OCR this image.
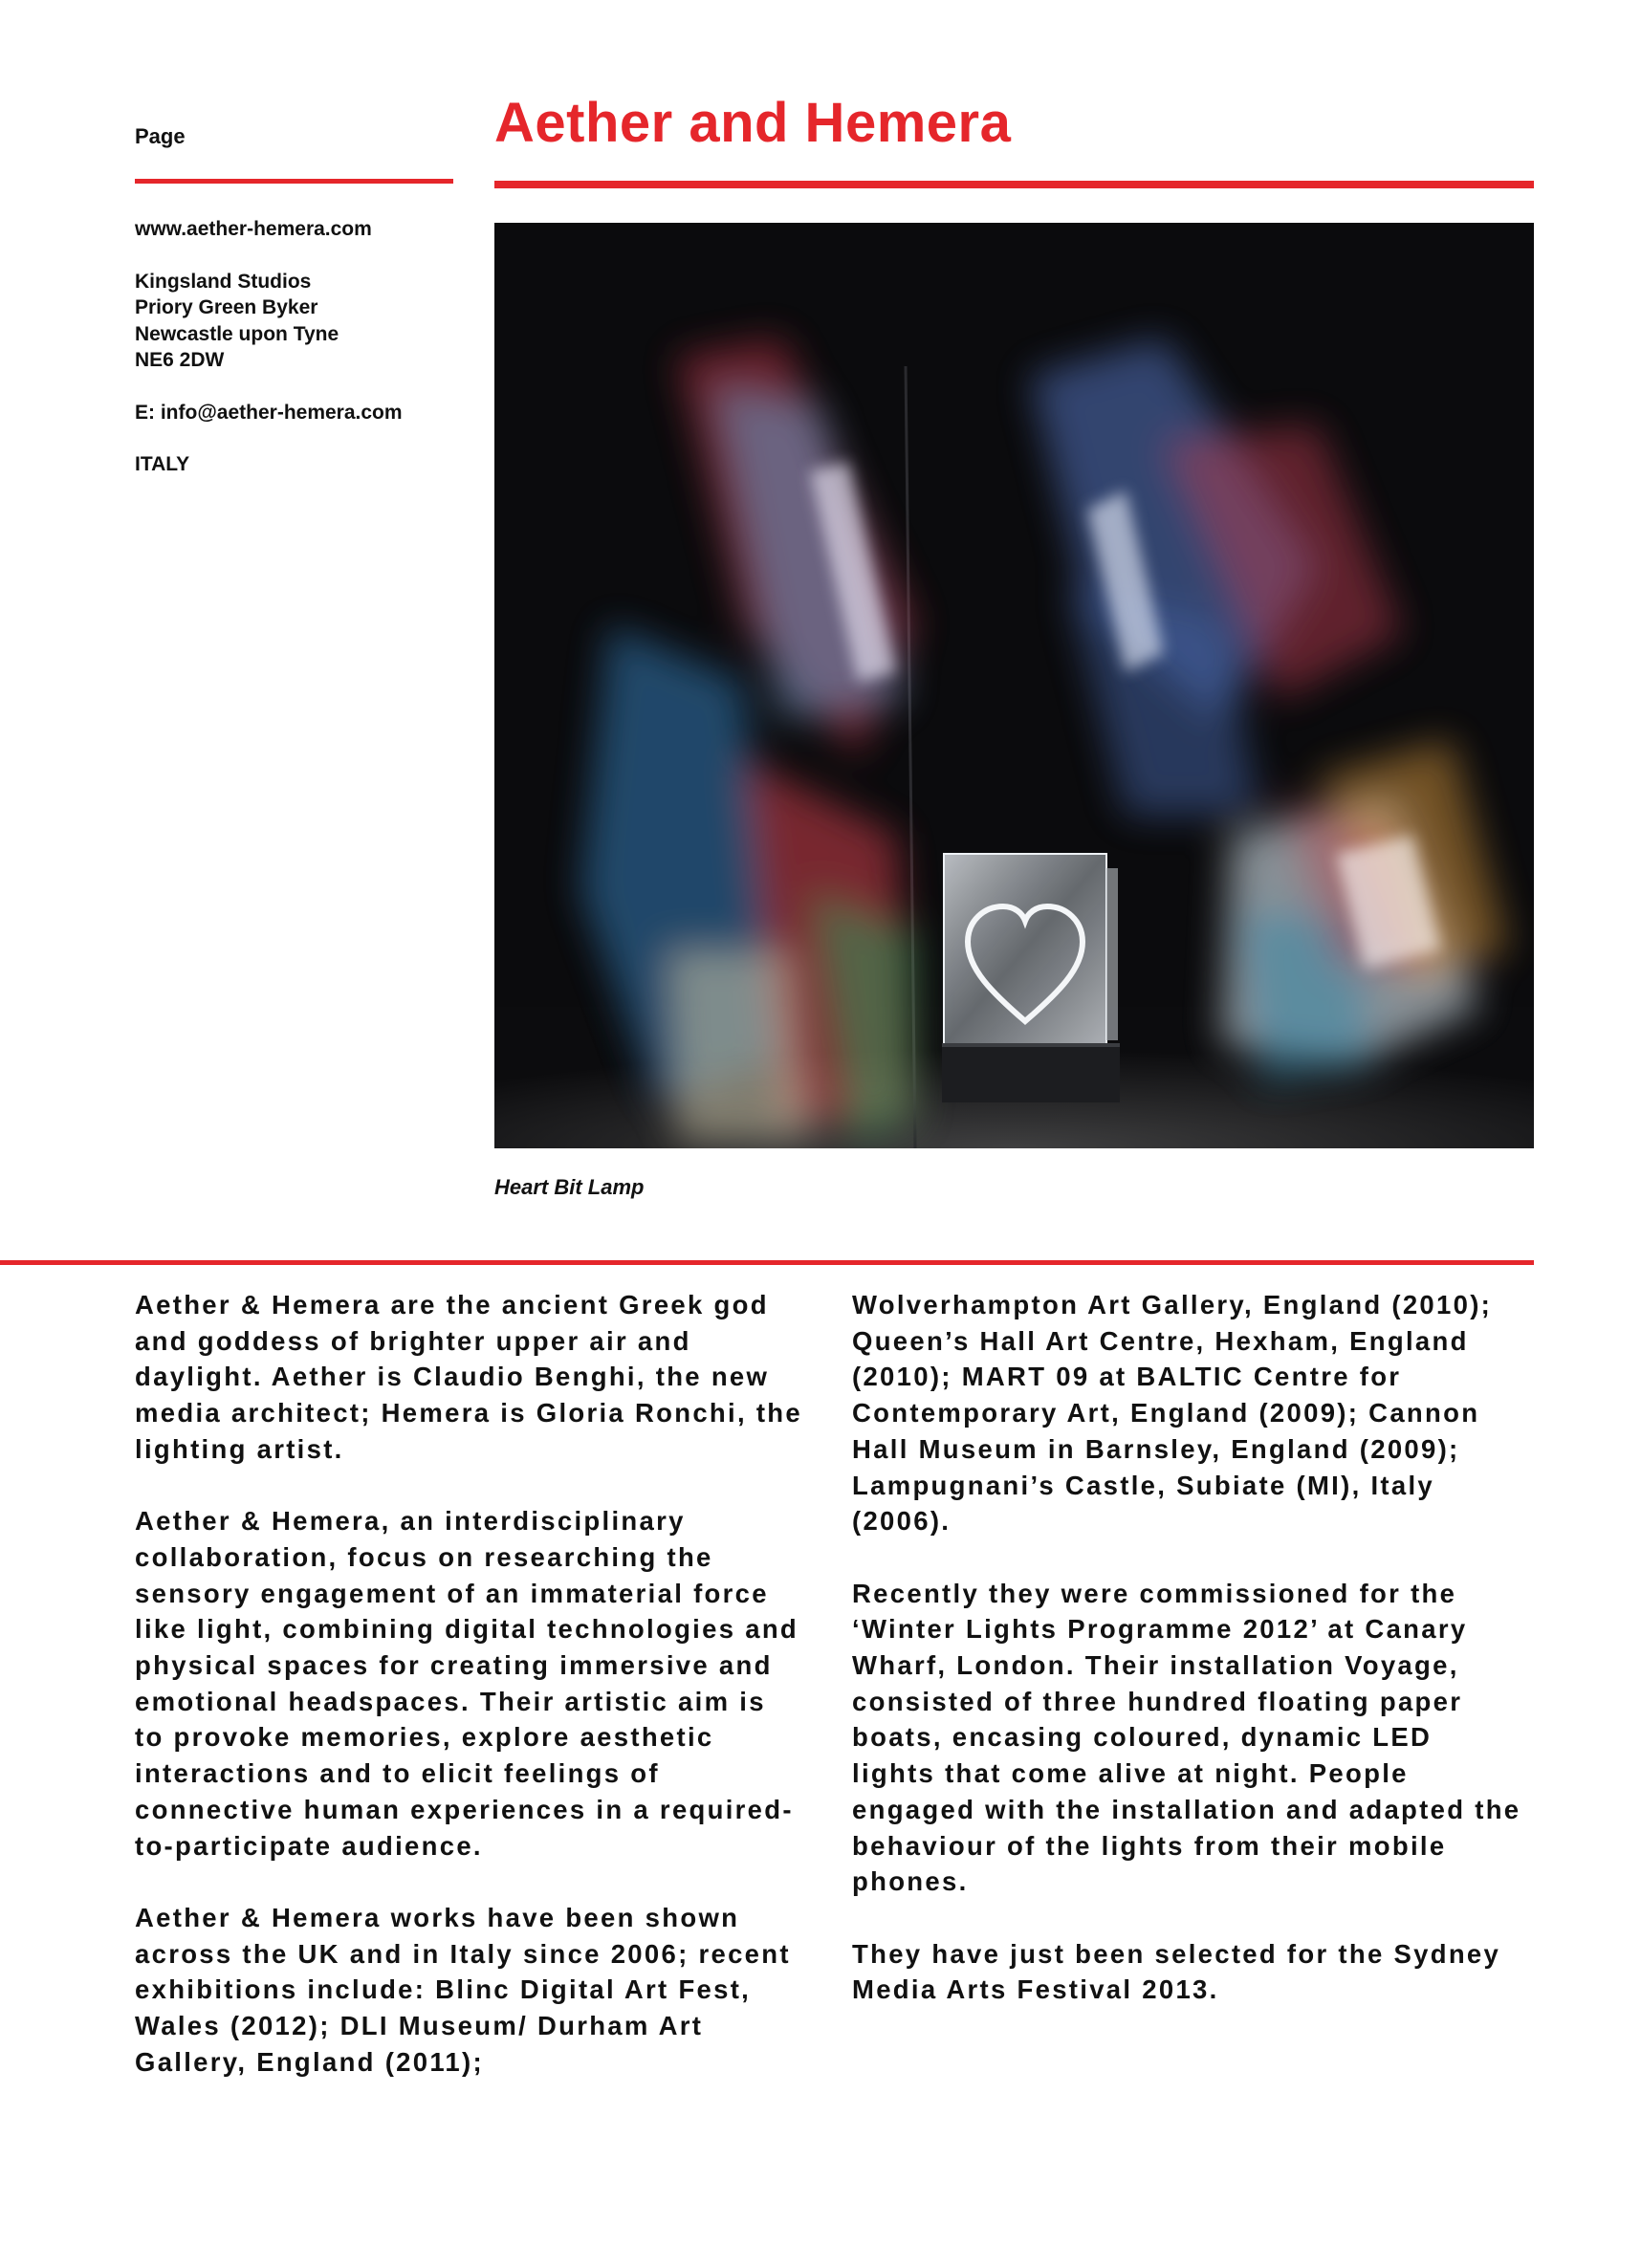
Page	Aether and Hemera

www.aether-hemera.com

Kingsland Studios
Priory Green Byker
Newcastle upon Tyne
NE6 2DW

E: info@aether-hemera.com

ITALY

Heart Bit Lamp

Aether & Hemera are the ancient Greek god and goddess of brighter upper air and daylight. Aether is Claudio Benghi, the new media architect; Hemera is Gloria Ronchi, the lighting artist.

Aether & Hemera, an interdisciplinary collaboration, focus on researching the sensory engagement of an immaterial force like light, combining digital technologies and physical spaces for creating immersive and emotional headspaces. Their artistic aim is to provoke memories, explore aesthetic interactions and to elicit feelings of connective human experiences in a required-to-participate audience.

Aether & Hemera works have been shown across the UK and in Italy since 2006; recent exhibitions include: Blinc Digital Art Fest, Wales (2012); DLI Museum/ Durham Art Gallery, England (2011);

Wolverhampton Art Gallery, England (2010); Queen’s Hall Art Centre, Hexham, England (2010); MART 09 at BALTIC Centre for Contemporary Art, England (2009); Cannon Hall Museum in Barnsley, England (2009); Lampugnani’s Castle, Subiate (MI), Italy (2006).

Recently they were commissioned for the ‘Winter Lights Programme 2012’ at Canary Wharf, London. Their installation Voyage, consisted of three hundred floating paper boats, encasing coloured, dynamic LED lights that come alive at night. People engaged with the installation and adapted the behaviour of the lights from their mobile phones.

They have just been selected for the Sydney Media Arts Festival 2013.
